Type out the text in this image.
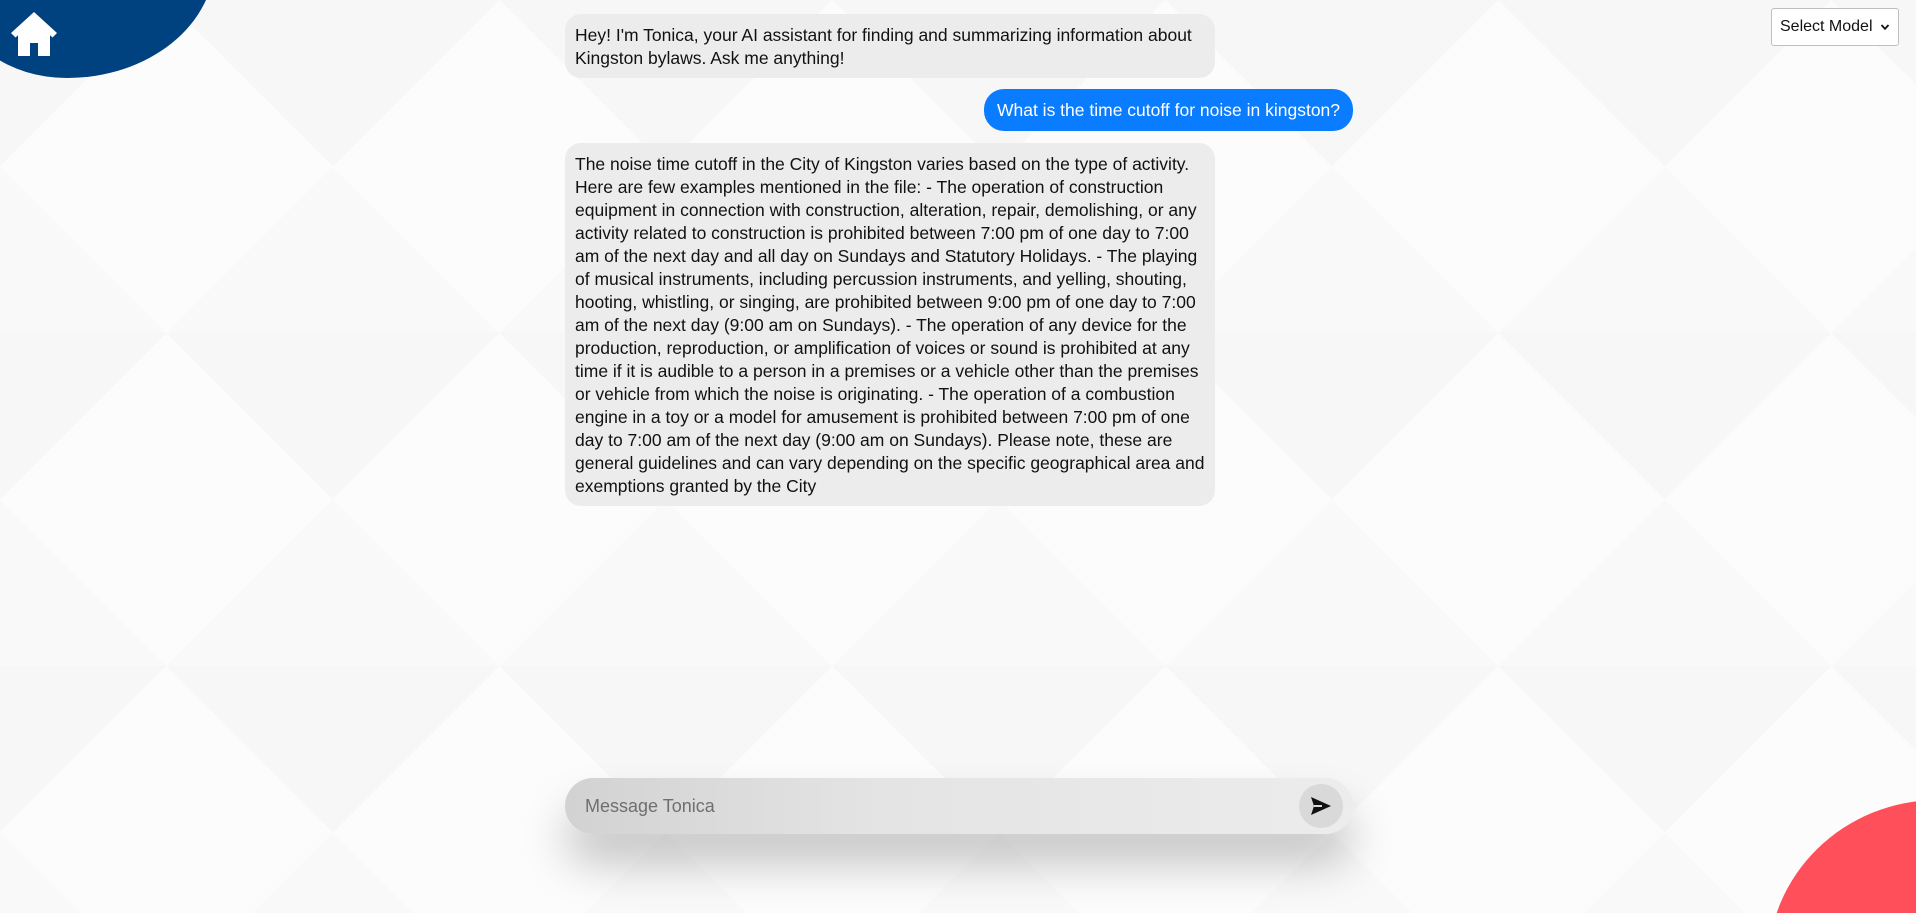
Select Model
Hey! I'm Tonica, your AI assistant for finding and summarizing information about Kingston bylaws. Ask me anything!
What is the time cutoff for noise in kingston?
The noise time cutoff in the City of Kingston varies based on the type of activity. Here are few examples mentioned in the file: - The operation of construction equipment in connection with construction, alteration, repair, demolishing, or any activity related to construction is prohibited between 7:00 pm of one day to 7:00 am of the next day and all day on Sundays and Statutory Holidays. - The playing of musical instruments, including percussion instruments, and yelling, shouting, hooting, whistling, or singing, are prohibited between 9:00 pm of one day to 7:00 am of the next day (9:00 am on Sundays). - The operation of any device for the production, reproduction, or amplification of voices or sound is prohibited at any time if it is audible to a person in a premises or a vehicle other than the premises or vehicle from which the noise is originating. - The operation of a combustion engine in a toy or a model for amusement is prohibited between 7:00 pm of one day to 7:00 am of the next day (9:00 am on Sundays). Please note, these are general guidelines and can vary depending on the specific geographical area and exemptions granted by the City
Message Tonica
